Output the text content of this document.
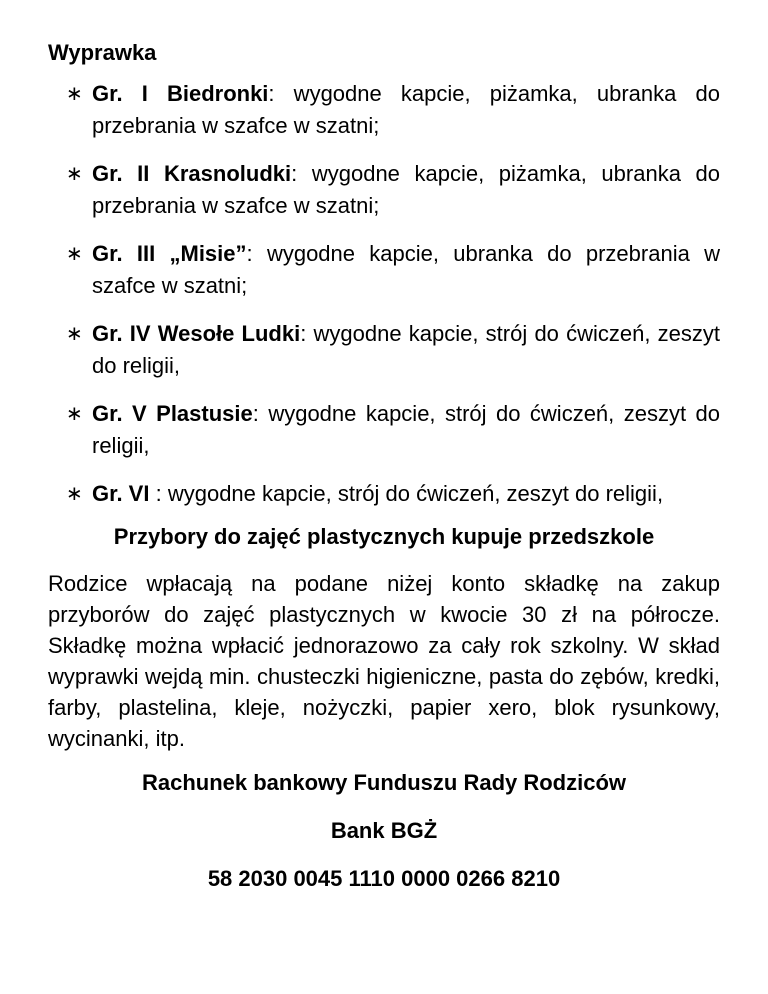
Wyprawka
∗ Gr. I Biedronki: wygodne kapcie, piżamka, ubranka do przebrania w szafce w szatni;
∗ Gr. II Krasnoludki: wygodne kapcie, piżamka, ubranka do przebrania w szafce w szatni;
∗ Gr. III „Misie”: wygodne kapcie, ubranka do przebrania w szafce w szatni;
∗ Gr. IV Wesołe Ludki: wygodne kapcie, strój do ćwiczeń, zeszyt do religii,
∗ Gr. V Plastusie: wygodne kapcie, strój do ćwiczeń, zeszyt do religii,
∗ Gr. VI : wygodne kapcie, strój do ćwiczeń, zeszyt do religii,
Przybory do zajęć plastycznych kupuje przedszkole
Rodzice wpłacają na podane niżej konto składkę na zakup przyborów do zajęć plastycznych w kwocie 30 zł na półrocze. Składkę można wpłacić jednorazowo za cały rok szkolny. W skład wyprawki wejdą min. chusteczki higieniczne, pasta do zębów, kredki, farby, plastelina, kleje, nożyczki, papier xero, blok rysunkowy, wycinanki, itp.
Rachunek bankowy Funduszu Rady Rodziców
Bank BGŻ
58 2030 0045 1110 0000 0266 8210
